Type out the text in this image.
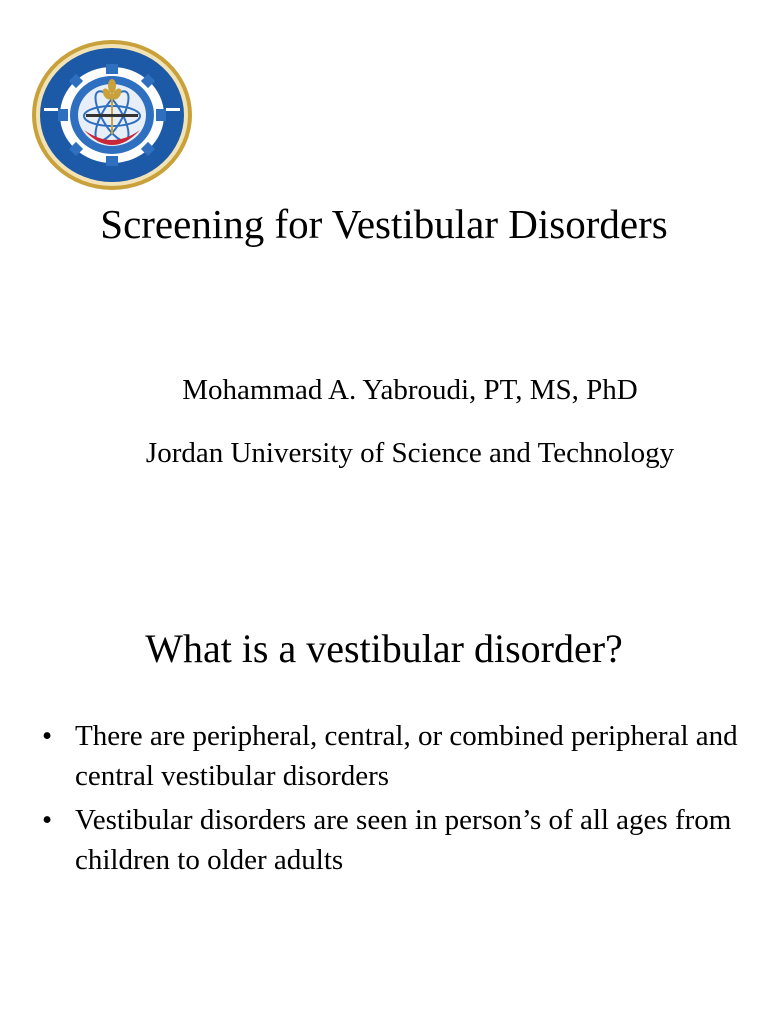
Screening for Vestibular Disorders
Mohammad A. Yabroudi, PT, MS, PhD
Jordan University of Science and Technology
What is a vestibular disorder?
• There are peripheral, central, or combined peripheral and central vestibular disorders
• Vestibular disorders are seen in person’s of all ages from children to older adults
